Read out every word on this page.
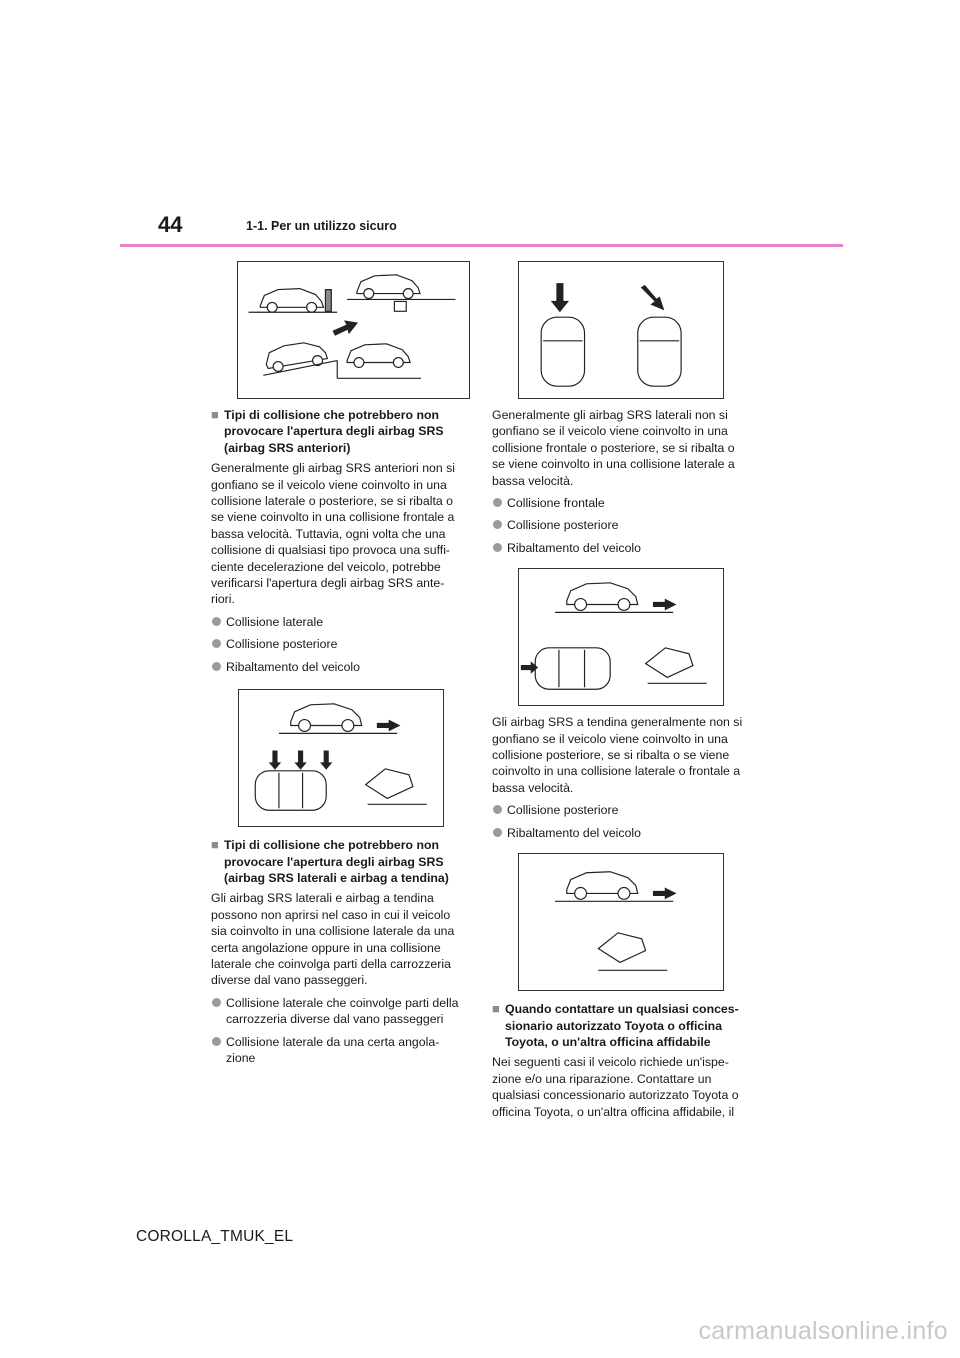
44	1-1. Per un utilizzo sicuro

■ Tipi di collisione che potrebbero non provocare l'apertura degli airbag SRS (airbag SRS anteriori)

Generalmente gli airbag SRS anteriori non si gonfiano se il veicolo viene coinvolto in una collisione laterale o posteriore, se si ribalta o se viene coinvolto in una collisione frontale a bassa velocità. Tuttavia, ogni volta che una collisione di qualsiasi tipo provoca una suffi-ciente decelerazione del veicolo, potrebbe verificarsi l'apertura degli airbag SRS ante-riori.

Collisione laterale

Collisione posteriore

Ribaltamento del veicolo

■ Tipi di collisione che potrebbero non provocare l'apertura degli airbag SRS (airbag SRS laterali e airbag a tendina)

Gli airbag SRS laterali e airbag a tendina possono non aprirsi nel caso in cui il veicolo sia coinvolto in una collisione laterale da una certa angolazione oppure in una collisione laterale che coinvolga parti della carrozzeria diverse dal vano passeggeri.

Collisione laterale che coinvolge parti della carrozzeria diverse dal vano passeggeri

Collisione laterale da una certa angola-zione

Generalmente gli airbag SRS laterali non si gonfiano se il veicolo viene coinvolto in una collisione frontale o posteriore, se si ribalta o se viene coinvolto in una collisione laterale a bassa velocità.

Collisione frontale

Collisione posteriore

Ribaltamento del veicolo

Gli airbag SRS a tendina generalmente non si gonfiano se il veicolo viene coinvolto in una collisione posteriore, se si ribalta o se viene coinvolto in una collisione laterale o frontale a bassa velocità.

Collisione posteriore

Ribaltamento del veicolo

■ Quando contattare un qualsiasi conces-sionario autorizzato Toyota o officina Toyota, o un'altra officina affidabile

Nei seguenti casi il veicolo richiede un'ispe-zione e/o una riparazione. Contattare un qualsiasi concessionario autorizzato Toyota o officina Toyota, o un'altra officina affidabile, il

COROLLA_TMUK_EL
carmanualsonline.info
